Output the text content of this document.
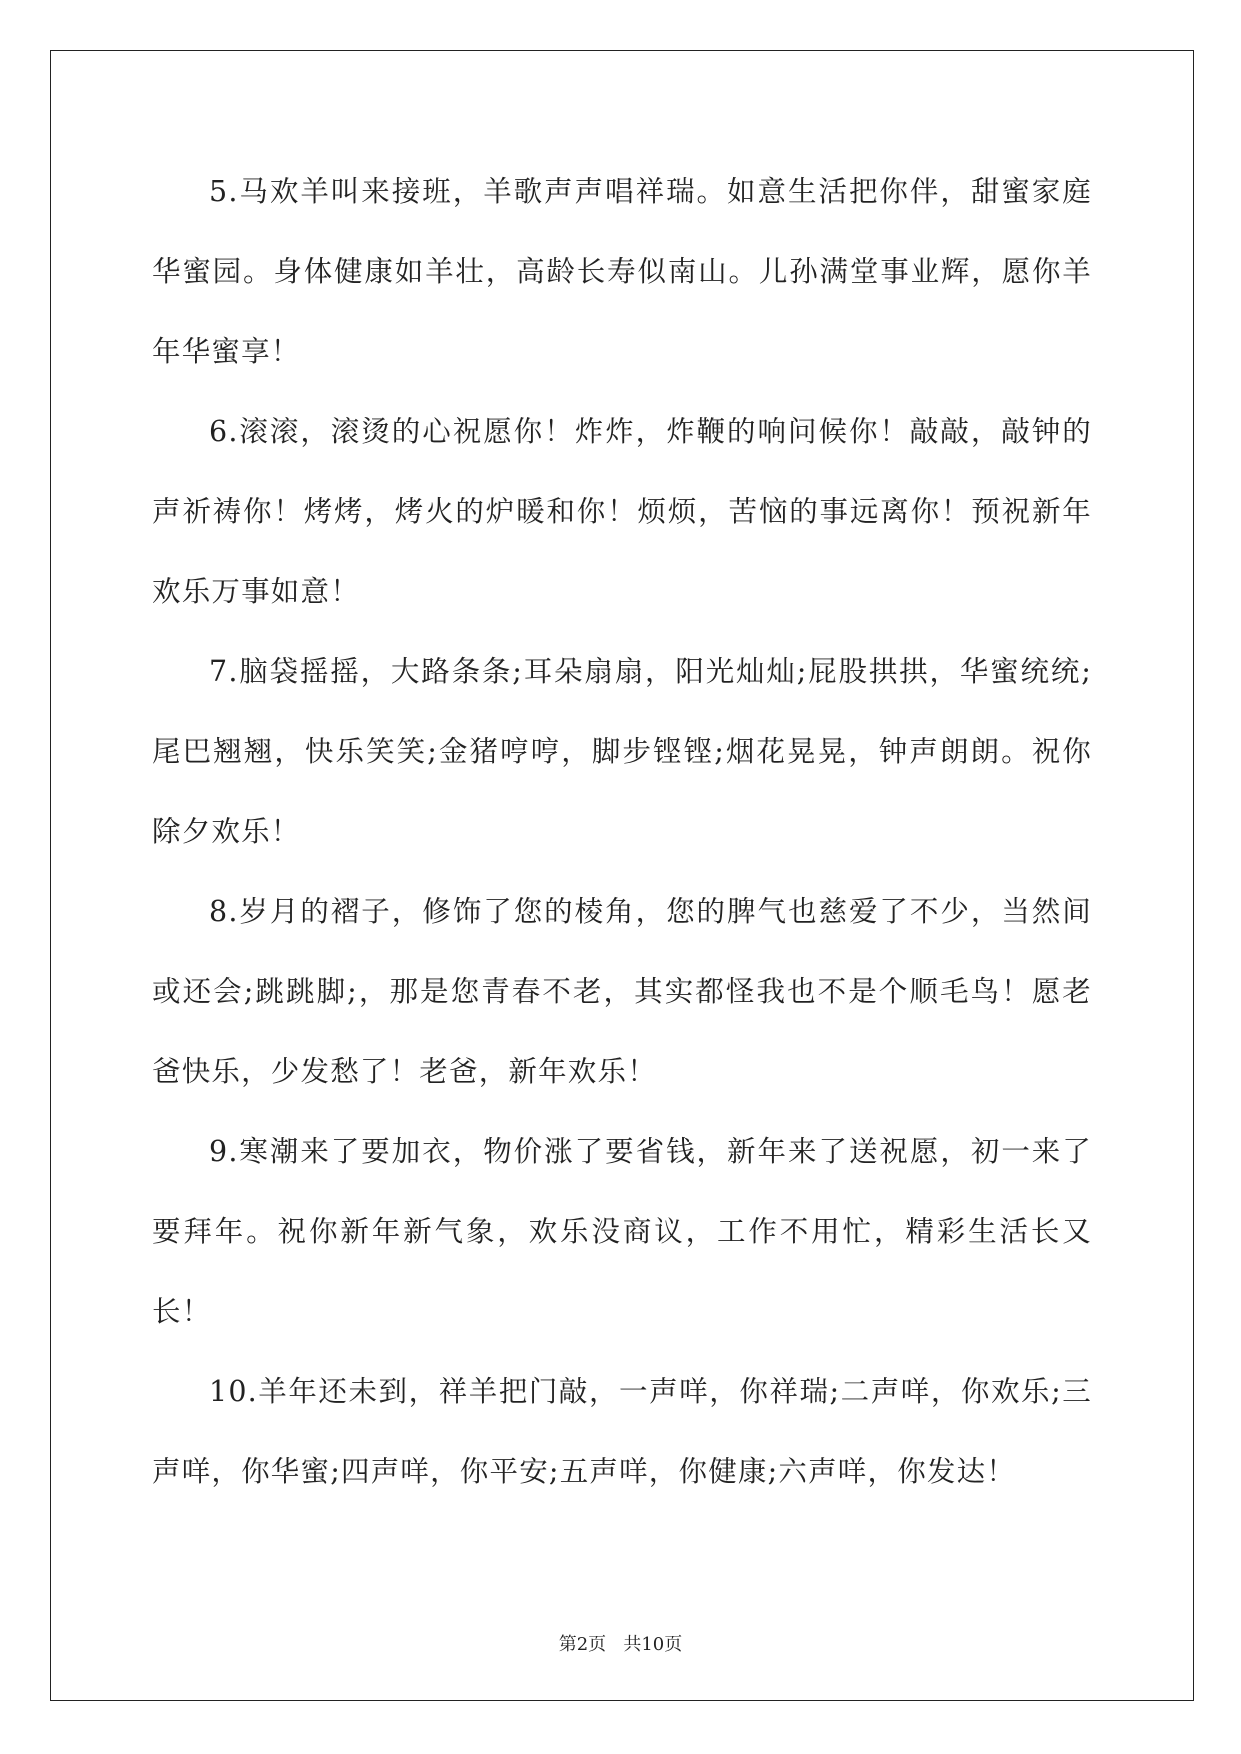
5.马欢羊叫来接班，羊歌声声唱祥瑞。如意生活把你伴，甜蜜家庭华蜜园。身体健康如羊壮，高龄长寿似南山。儿孙满堂事业辉，愿你羊年华蜜享！

6.滚滚，滚烫的心祝愿你！炸炸，炸鞭的响问候你！敲敲，敲钟的声祈祷你！烤烤，烤火的炉暖和你！烦烦，苦恼的事远离你！预祝新年欢乐万事如意！

7.脑袋摇摇，大路条条;耳朵扇扇，阳光灿灿;屁股拱拱，华蜜统统;尾巴翘翘，快乐笑笑;金猪哼哼，脚步铿铿;烟花晃晃，钟声朗朗。祝你除夕欢乐！

8.岁月的褶子，修饰了您的棱角，您的脾气也慈爱了不少，当然间或还会;跳跳脚;，那是您青春不老，其实都怪我也不是个顺毛鸟！愿老爸快乐，少发愁了！老爸，新年欢乐！

9.寒潮来了要加衣，物价涨了要省钱，新年来了送祝愿，初一来了要拜年。祝你新年新气象，欢乐没商议，工作不用忙，精彩生活长又长！

10.羊年还未到，祥羊把门敲，一声咩，你祥瑞;二声咩，你欢乐;三声咩，你华蜜;四声咩，你平安;五声咩，你健康;六声咩，你发达！

第2页   共10页
